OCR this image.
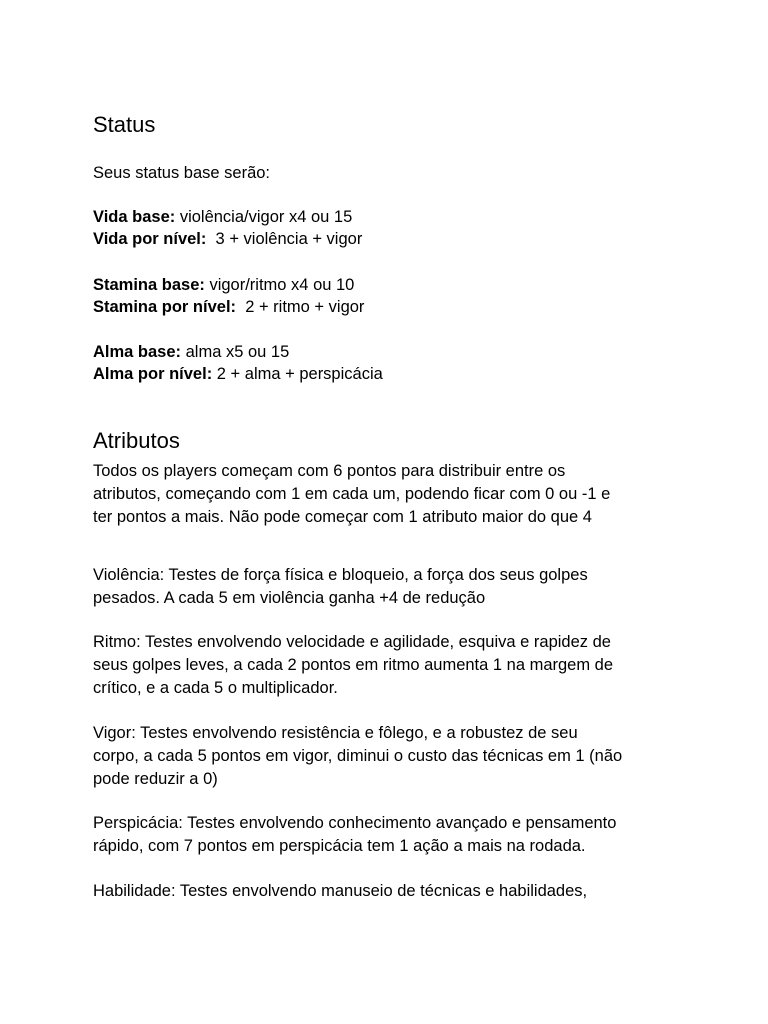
Status
Seus status base serão:
Vida base: violência/vigor x4 ou 15
Vida por nível:  3 + violência + vigor
Stamina base: vigor/ritmo x4 ou 10
Stamina por nível:  2 + ritmo + vigor
Alma base: alma x5 ou 15
Alma por nível: 2 + alma + perspicácia
Atributos
Todos os players começam com 6 pontos para distribuir entre os
atributos, começando com 1 em cada um, podendo ficar com 0 ou -1 e
ter pontos a mais. Não pode começar com 1 atributo maior do que 4
Violência: Testes de força física e bloqueio, a força dos seus golpes
pesados. A cada 5 em violência ganha +4 de redução
Ritmo: Testes envolvendo velocidade e agilidade, esquiva e rapidez de
seus golpes leves, a cada 2 pontos em ritmo aumenta 1 na margem de
crítico, e a cada 5 o multiplicador.
Vigor: Testes envolvendo resistência e fôlego, e a robustez de seu
corpo, a cada 5 pontos em vigor, diminui o custo das técnicas em 1 (não
pode reduzir a 0)
Perspicácia: Testes envolvendo conhecimento avançado e pensamento
rápido, com 7 pontos em perspicácia tem 1 ação a mais na rodada.
Habilidade: Testes envolvendo manuseio de técnicas e habilidades,
